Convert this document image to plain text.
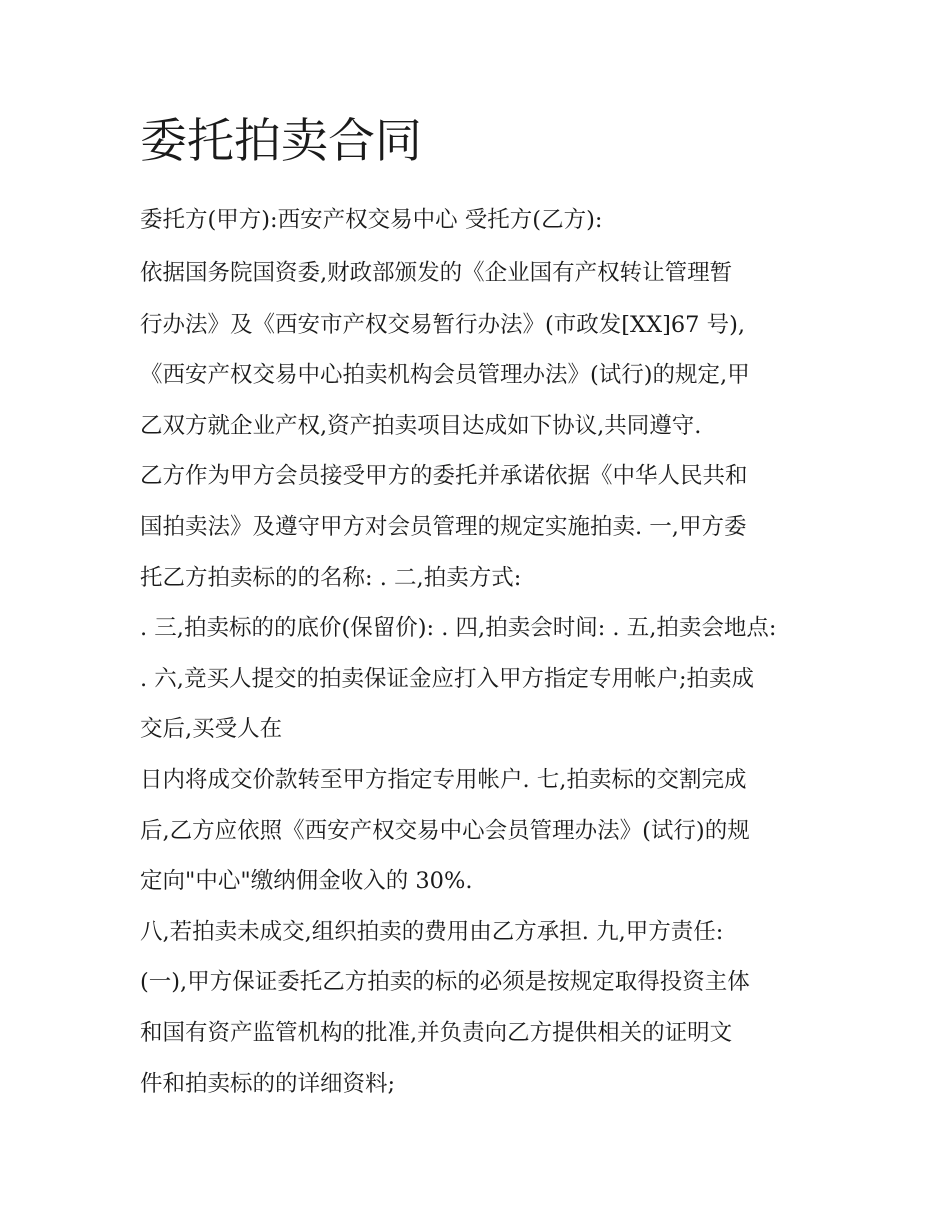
委托拍卖合同

委托方(甲方):西安产权交易中心 受托方(乙方):

依据国务院国资委,财政部颁发的《企业国有产权转让管理暂

行办法》及《西安市产权交易暂行办法》(市政发[XX]67 号),

《西安产权交易中心拍卖机构会员管理办法》(试行)的规定,甲

乙双方就企业产权,资产拍卖项目达成如下协议,共同遵守.

乙方作为甲方会员接受甲方的委托并承诺依据《中华人民共和

国拍卖法》及遵守甲方对会员管理的规定实施拍卖. 一,甲方委

托乙方拍卖标的的名称: . 二,拍卖方式:

. 三,拍卖标的的底价(保留价): . 四,拍卖会时间: . 五,拍卖会地点:

. 六,竞买人提交的拍卖保证金应打入甲方指定专用帐户;拍卖成

交后,买受人在

日内将成交价款转至甲方指定专用帐户. 七,拍卖标的交割完成

后,乙方应依照《西安产权交易中心会员管理办法》(试行)的规

定向"中心"缴纳佣金收入的 30%.

八,若拍卖未成交,组织拍卖的费用由乙方承担. 九,甲方责任:

(一),甲方保证委托乙方拍卖的标的必须是按规定取得投资主体

和国有资产监管机构的批准,并负责向乙方提供相关的证明文

件和拍卖标的的详细资料;
